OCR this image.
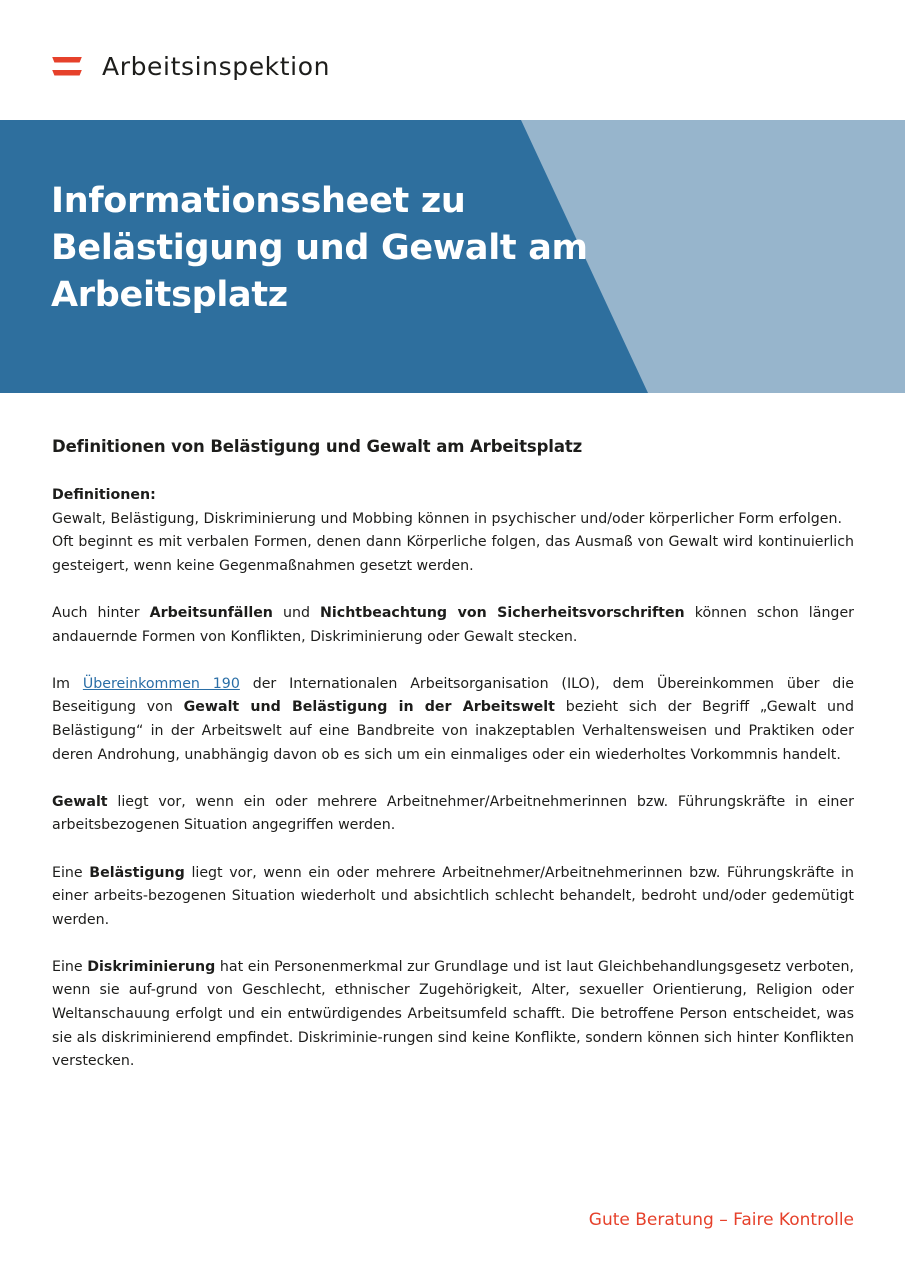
Arbeitsinspektion
Informationssheet zu Belästigung und Gewalt am Arbeitsplatz
Definitionen von Belästigung und Gewalt am Arbeitsplatz

Definitionen:
Gewalt, Belästigung, Diskriminierung und Mobbing können in psychischer und/oder körperlicher Form erfolgen.
Oft beginnt es mit verbalen Formen, denen dann Körperliche folgen, das Ausmaß von Gewalt wird kontinuierlich gesteigert, wenn keine Gegenmaßnahmen gesetzt werden.

Auch hinter Arbeitsunfällen und Nichtbeachtung von Sicherheitsvorschriften können schon länger andauernde Formen von Konflikten, Diskriminierung oder Gewalt stecken.

Im Übereinkommen 190 der Internationalen Arbeitsorganisation (ILO), dem Übereinkommen über die Beseitigung von Gewalt und Belästigung in der Arbeitswelt bezieht sich der Begriff „Gewalt und Belästigung“ in der Arbeitswelt auf eine Bandbreite von inakzeptablen Verhaltensweisen und Praktiken oder deren Androhung, unabhängig davon ob es sich um ein einmaliges oder ein wiederholtes Vorkommnis handelt.

Gewalt liegt vor, wenn ein oder mehrere Arbeitnehmer/Arbeitnehmerinnen bzw. Führungskräfte in einer arbeitsbezogenen Situation angegriffen werden.

Eine Belästigung liegt vor, wenn ein oder mehrere Arbeitnehmer/Arbeitnehmerinnen bzw. Führungskräfte in einer arbeits-bezogenen Situation wiederholt und absichtlich schlecht behandelt, bedroht und/oder gedemütigt werden.

Eine Diskriminierung hat ein Personenmerkmal zur Grundlage und ist laut Gleichbehandlungsgesetz verboten, wenn sie auf-grund von Geschlecht, ethnischer Zugehörigkeit, Alter, sexueller Orientierung, Religion oder Weltanschauung erfolgt und ein entwürdigendes Arbeitsumfeld schafft. Die betroffene Person entscheidet, was sie als diskriminierend empfindet. Diskriminie-rungen sind keine Konflikte, sondern können sich hinter Konflikten verstecken.

Gute Beratung – Faire Kontrolle
